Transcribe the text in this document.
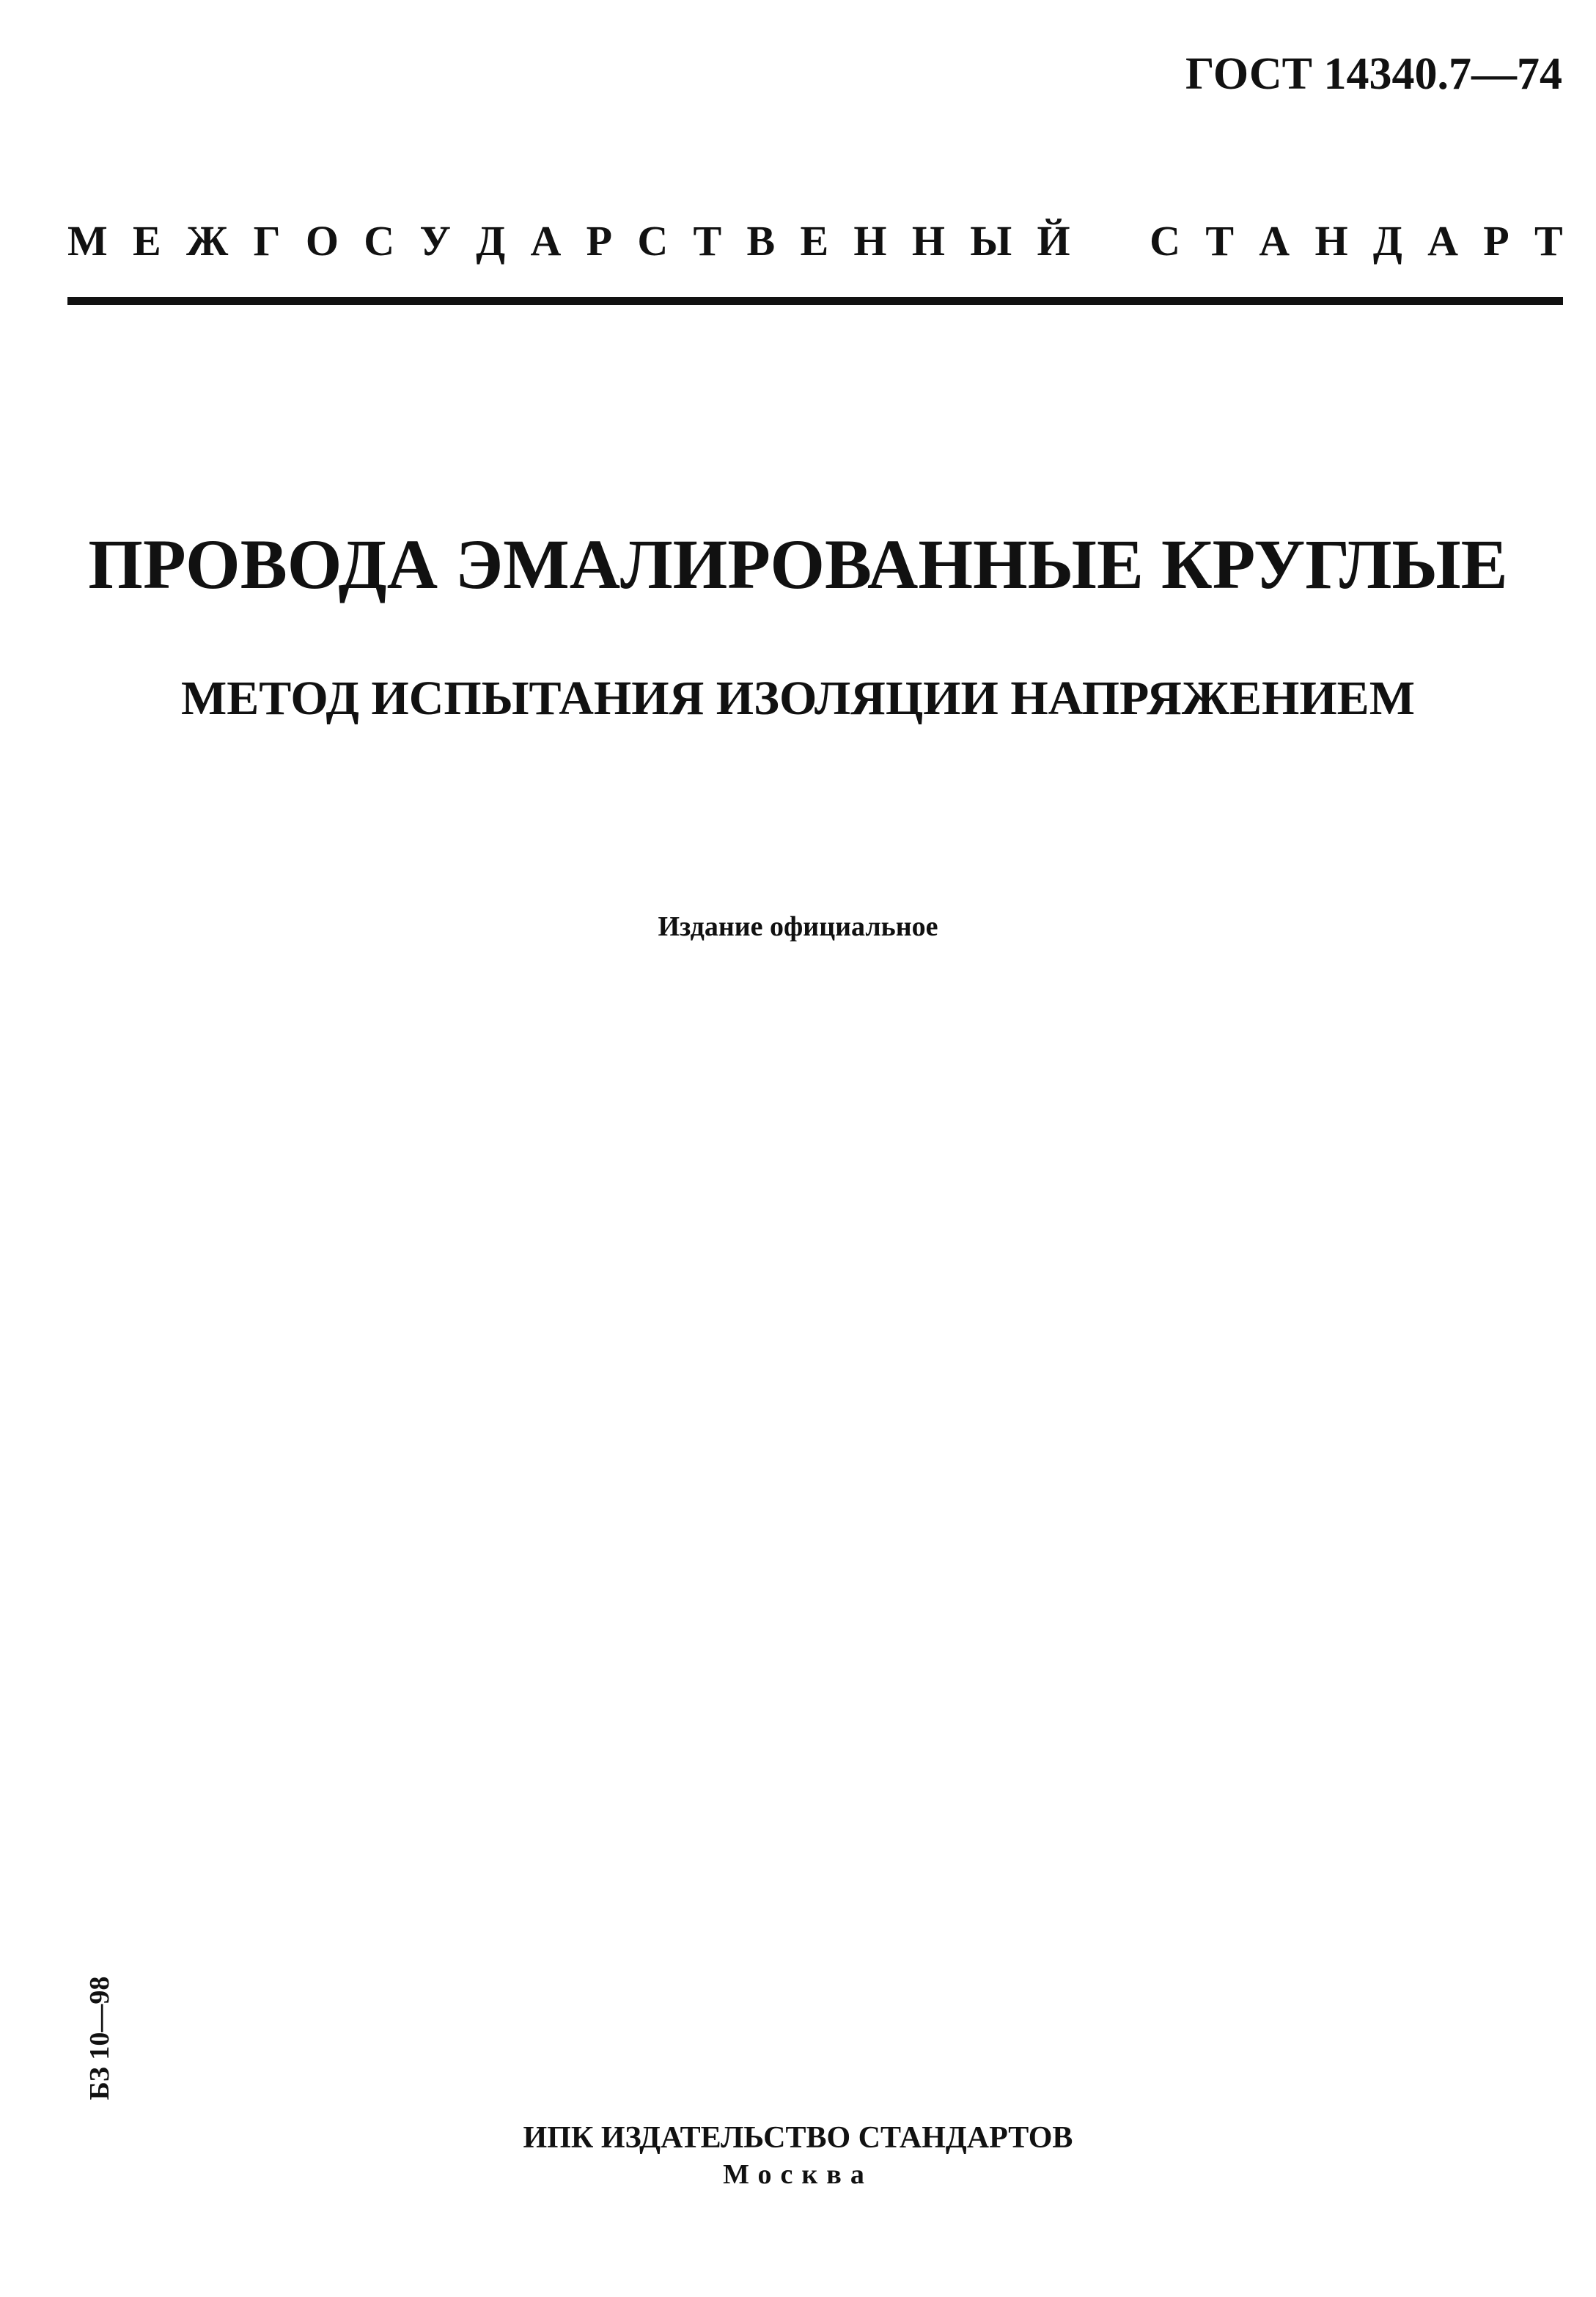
ГОСТ 14340.7—74
М Е Ж Г О С У Д А Р С Т В Е Н Н Ы Й С Т А Н Д А Р Т
ПРОВОДА ЭМАЛИРОВАННЫЕ КРУГЛЫЕ
МЕТОД ИСПЫТАНИЯ ИЗОЛЯЦИИ НАПРЯЖЕНИЕМ
Издание официальное
БЗ 10—98
ИПК ИЗДАТЕЛЬСТВО СТАНДАРТОВ
Москва
